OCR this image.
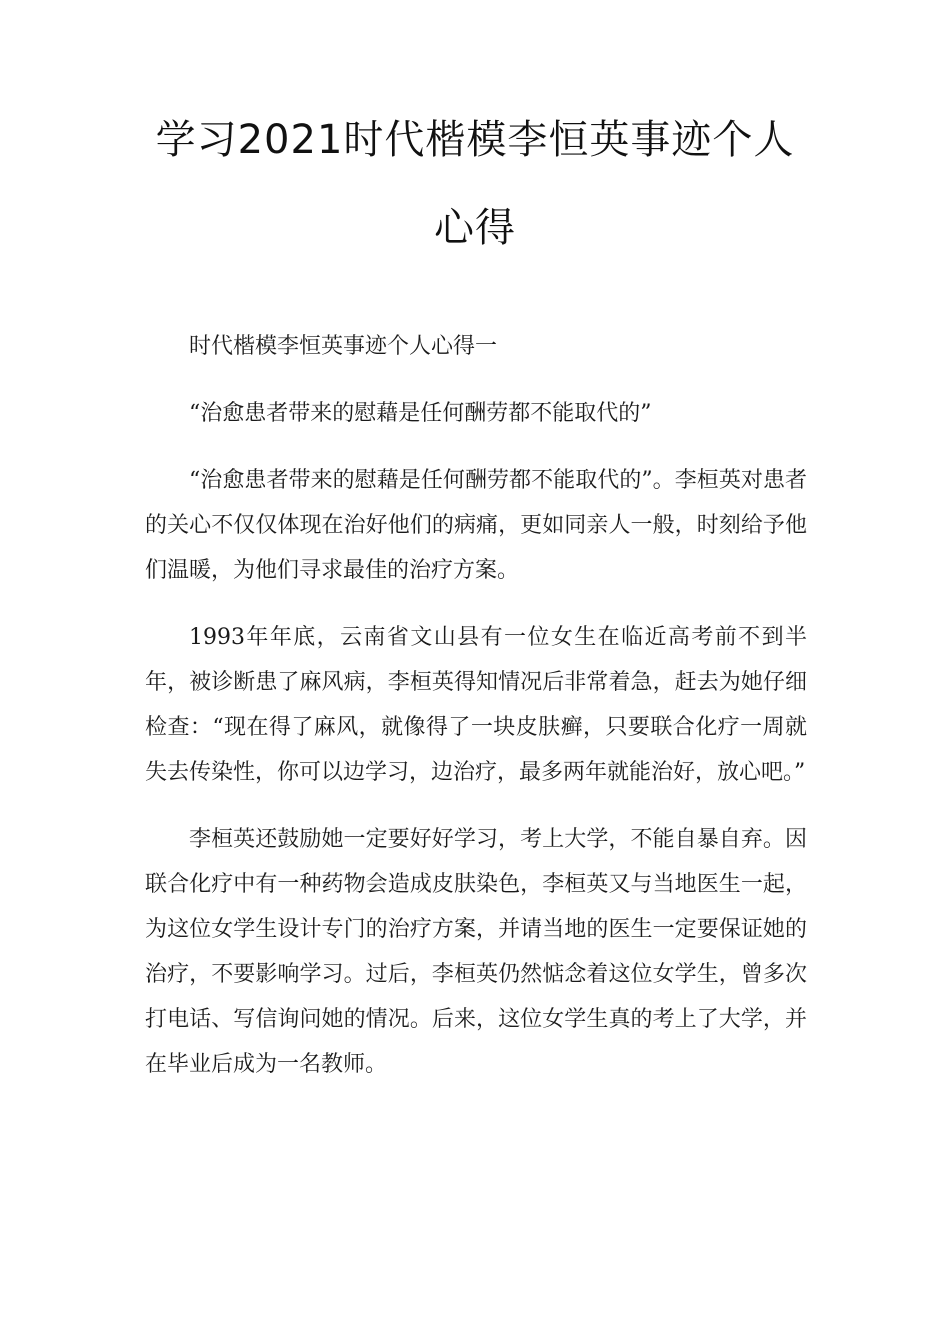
学习2021时代楷模李恒英事迹个人心得

时代楷模李恒英事迹个人心得一

“治愈患者带来的慰藉是任何酬劳都不能取代的”

“治愈患者带来的慰藉是任何酬劳都不能取代的”。李桓英对患者的关心不仅仅体现在治好他们的病痛，更如同亲人一般，时刻给予他们温暖，为他们寻求最佳的治疗方案。

1993年年底，云南省文山县有一位女生在临近高考前不到半年，被诊断患了麻风病，李桓英得知情况后非常着急，赶去为她仔细检查：“现在得了麻风，就像得了一块皮肤癣，只要联合化疗一周就失去传染性，你可以边学习，边治疗，最多两年就能治好，放心吧。”

李桓英还鼓励她一定要好好学习，考上大学，不能自暴自弃。因联合化疗中有一种药物会造成皮肤染色，李桓英又与当地医生一起，为这位女学生设计专门的治疗方案，并请当地的医生一定要保证她的治疗，不要影响学习。过后，李桓英仍然惦念着这位女学生，曾多次打电话、写信询问她的情况。后来，这位女学生真的考上了大学，并在毕业后成为一名教师。
